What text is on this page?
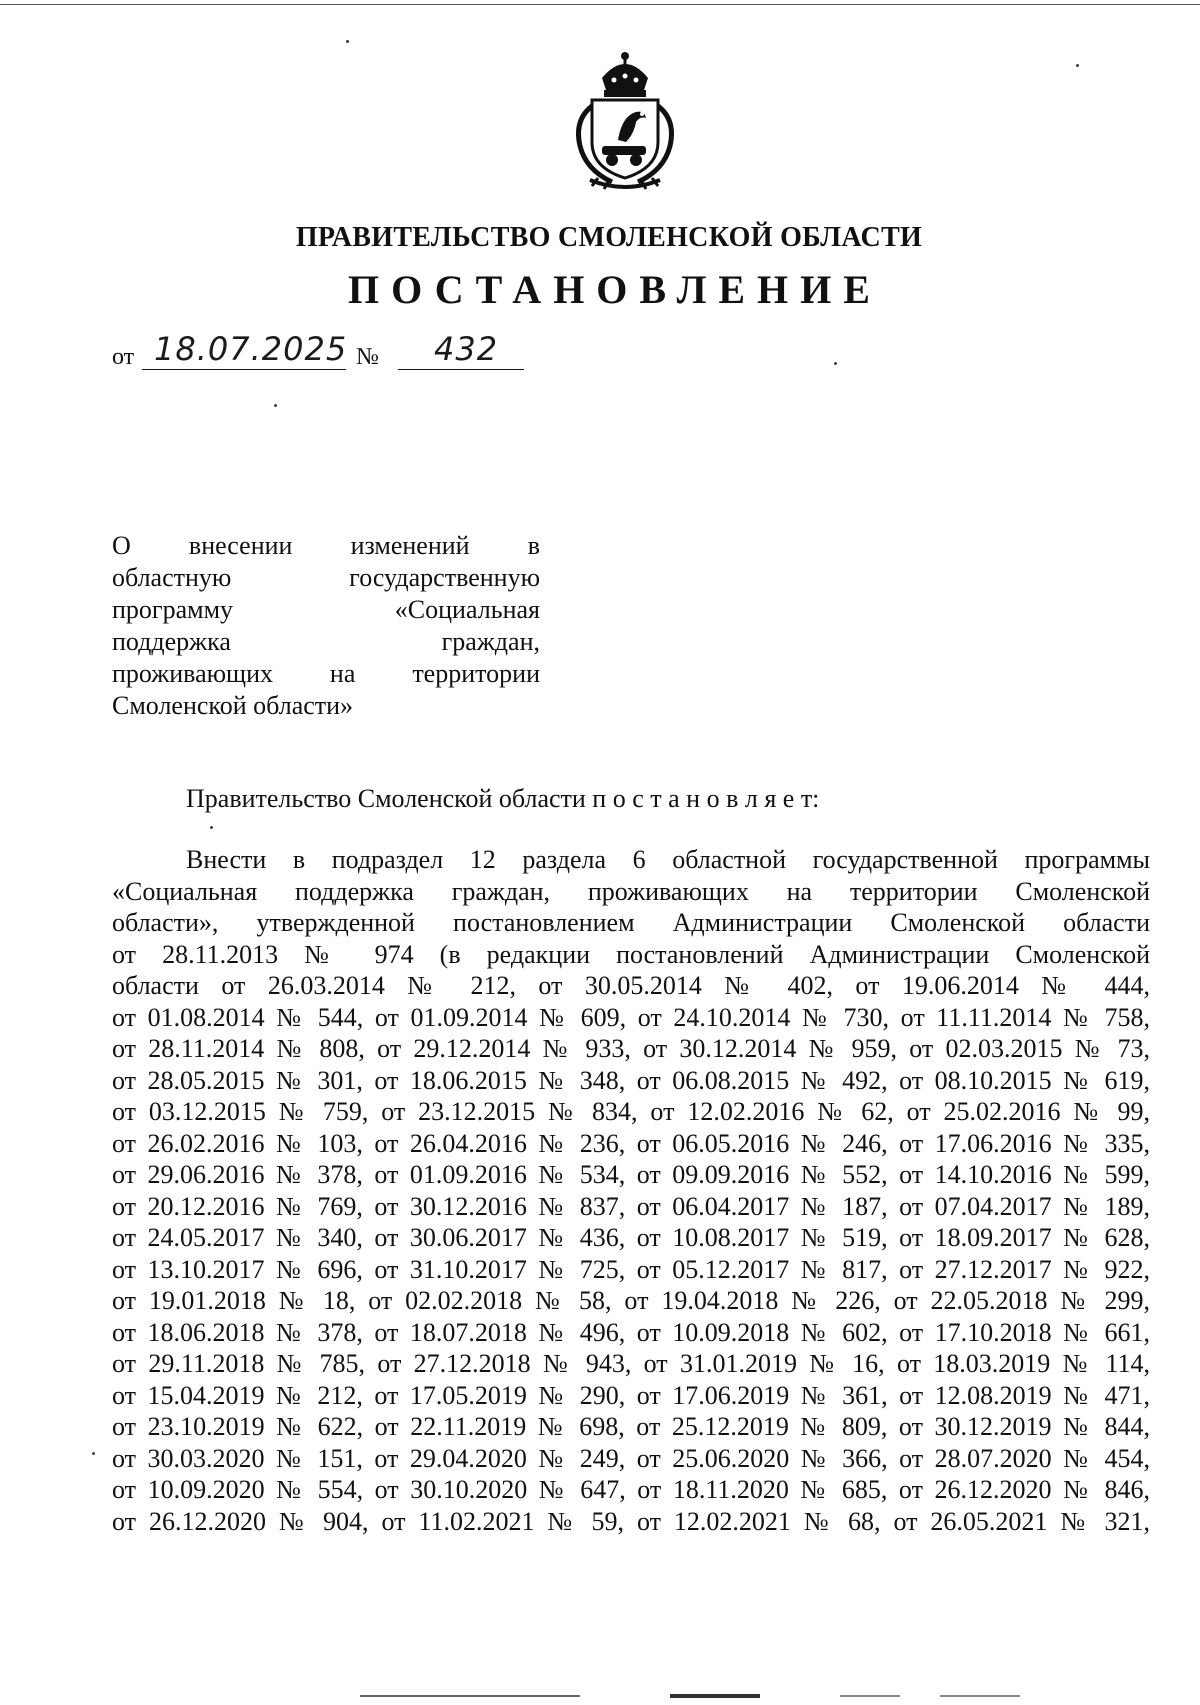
ПРАВИТЕЛЬСТВО СМОЛЕНСКОЙ ОБЛАСТИ
ПОСТАНОВЛЕНИЕ
от 18.07.2025 №	432
О внесении изменений в
областную государственную
программу «Социальная
поддержка граждан,
проживающих на территории
Смоленской области»
Правительство Смоленской области п о с т а н о в л я е т:
Внести в подраздел 12 раздела 6 областной государственной программы
«Социальная поддержка граждан, проживающих на территории Смоленской
области», утвержденной постановлением Администрации Смоленской области
от 28.11.2013 № 974 (в редакции постановлений Администрации Смоленской
области от 26.03.2014 № 212, от 30.05.2014 № 402, от 19.06.2014 № 444,
от 01.08.2014 № 544, от 01.09.2014 № 609, от 24.10.2014 № 730, от 11.11.2014 № 758,
от 28.11.2014 № 808, от 29.12.2014 № 933, от 30.12.2014 № 959, от 02.03.2015 № 73,
от 28.05.2015 № 301, от 18.06.2015 № 348, от 06.08.2015 № 492, от 08.10.2015 № 619,
от 03.12.2015 № 759, от 23.12.2015 № 834, от 12.02.2016 № 62, от 25.02.2016 № 99,
от 26.02.2016 № 103, от 26.04.2016 № 236, от 06.05.2016 № 246, от 17.06.2016 № 335,
от 29.06.2016 № 378, от 01.09.2016 № 534, от 09.09.2016 № 552, от 14.10.2016 № 599,
от 20.12.2016 № 769, от 30.12.2016 № 837, от 06.04.2017 № 187, от 07.04.2017 № 189,
от 24.05.2017 № 340, от 30.06.2017 № 436, от 10.08.2017 № 519, от 18.09.2017 № 628,
от 13.10.2017 № 696, от 31.10.2017 № 725, от 05.12.2017 № 817, от 27.12.2017 № 922,
от 19.01.2018 № 18, от 02.02.2018 № 58, от 19.04.2018 № 226, от 22.05.2018 № 299,
от 18.06.2018 № 378, от 18.07.2018 № 496, от 10.09.2018 № 602, от 17.10.2018 № 661,
от 29.11.2018 № 785, от 27.12.2018 № 943, от 31.01.2019 № 16, от 18.03.2019 № 114,
от 15.04.2019 № 212, от 17.05.2019 № 290, от 17.06.2019 № 361, от 12.08.2019 № 471,
от 23.10.2019 № 622, от 22.11.2019 № 698, от 25.12.2019 № 809, от 30.12.2019 № 844,
от 30.03.2020 № 151, от 29.04.2020 № 249, от 25.06.2020 № 366, от 28.07.2020 № 454,
от 10.09.2020 № 554, от 30.10.2020 № 647, от 18.11.2020 № 685, от 26.12.2020 № 846,
от 26.12.2020 № 904, от 11.02.2021 № 59, от 12.02.2021 № 68, от 26.05.2021 № 321,
